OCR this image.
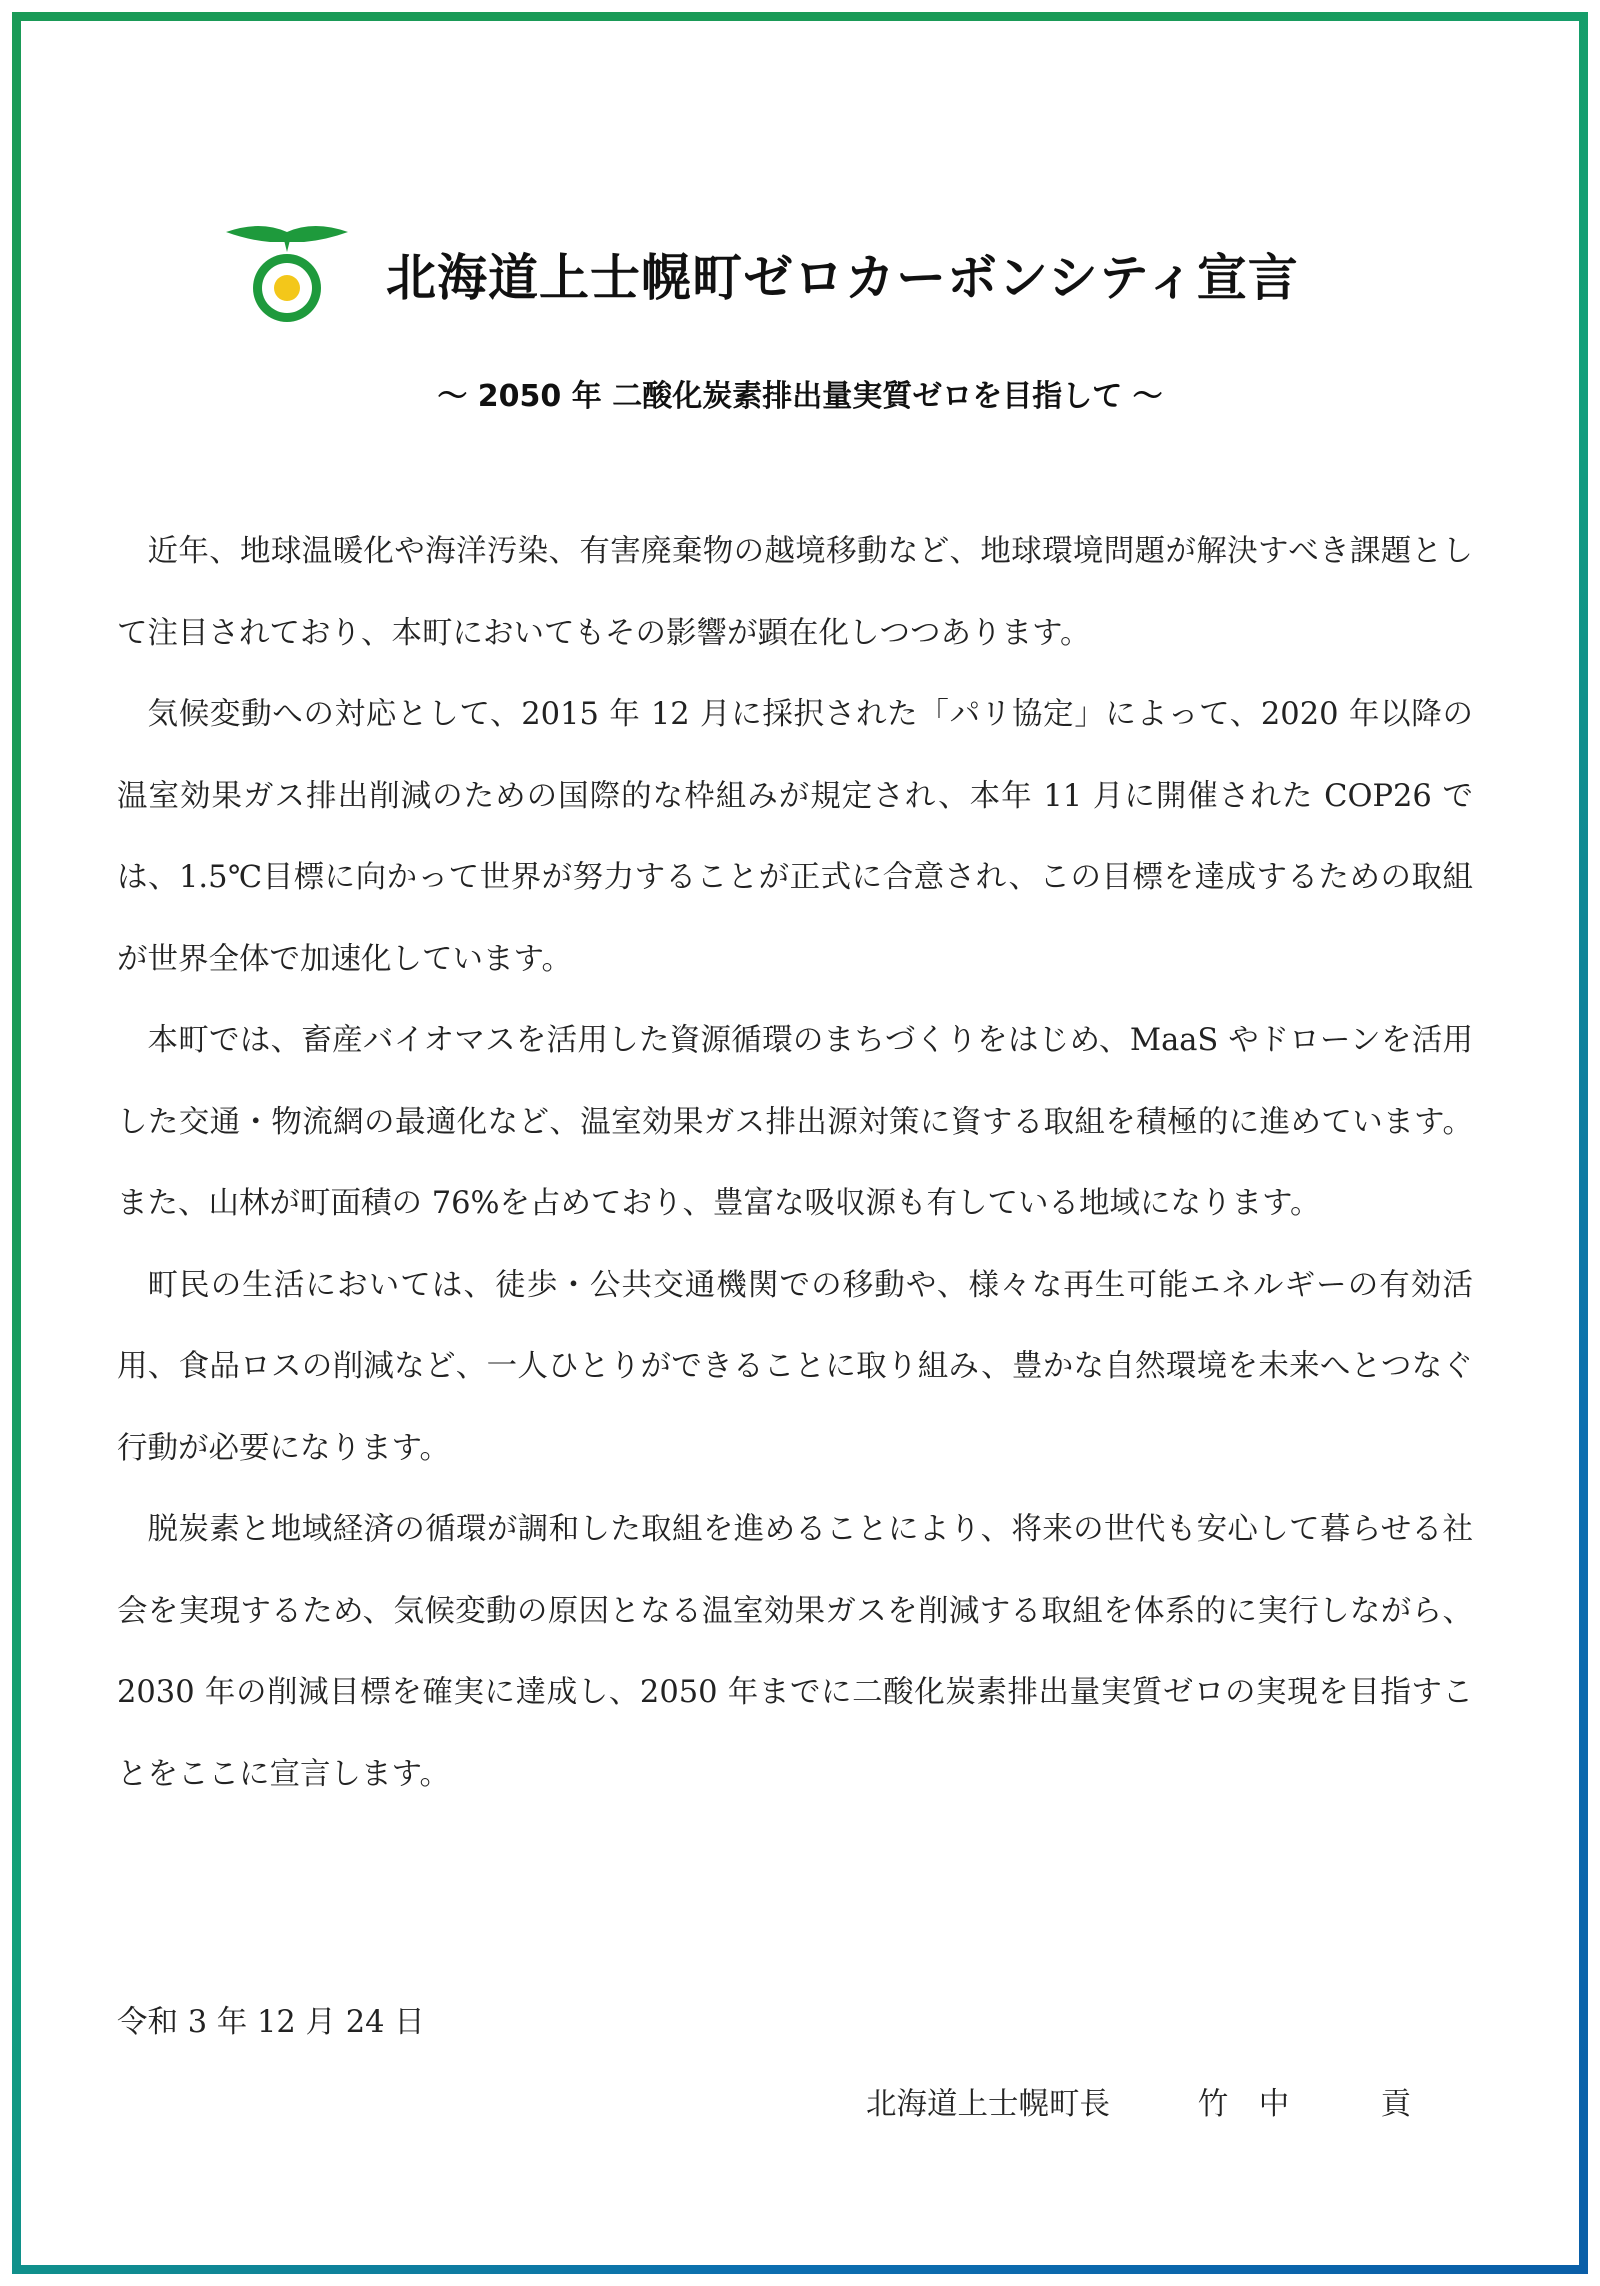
北海道上士幌町ゼロカーボンシティ宣言
～ 2050 年 二酸化炭素排出量実質ゼロを目指して ～

近年、地球温暖化や海洋汚染、有害廃棄物の越境移動など、地球環境問題が解決すべき課題として注目されており、本町においてもその影響が顕在化しつつあります。

気候変動への対応として、2015 年 12 月に採択された「パリ協定」によって、2020 年以降の温室効果ガス排出削減のための国際的な枠組みが規定され、本年 11 月に開催された COP26 では、1.5℃目標に向かって世界が努力することが正式に合意され、この目標を達成するための取組が世界全体で加速化しています。

本町では、畜産バイオマスを活用した資源循環のまちづくりをはじめ、MaaS やドローンを活用した交通・物流網の最適化など、温室効果ガス排出源対策に資する取組を積極的に進めています。また、山林が町面積の 76%を占めており、豊富な吸収源も有している地域になります。

町民の生活においては、徒歩・公共交通機関での移動や、様々な再生可能エネルギーの有効活用、食品ロスの削減など、一人ひとりができることに取り組み、豊かな自然環境を未来へとつなぐ行動が必要になります。

脱炭素と地域経済の循環が調和した取組を進めることにより、将来の世代も安心して暮らせる社会を実現するため、気候変動の原因となる温室効果ガスを削減する取組を体系的に実行しながら、2030 年の削減目標を確実に達成し、2050 年までに二酸化炭素排出量実質ゼロの実現を目指すことをここに宣言します。

令和 3 年 12 月 24 日
北海道上士幌町長	竹　中　　　貢
